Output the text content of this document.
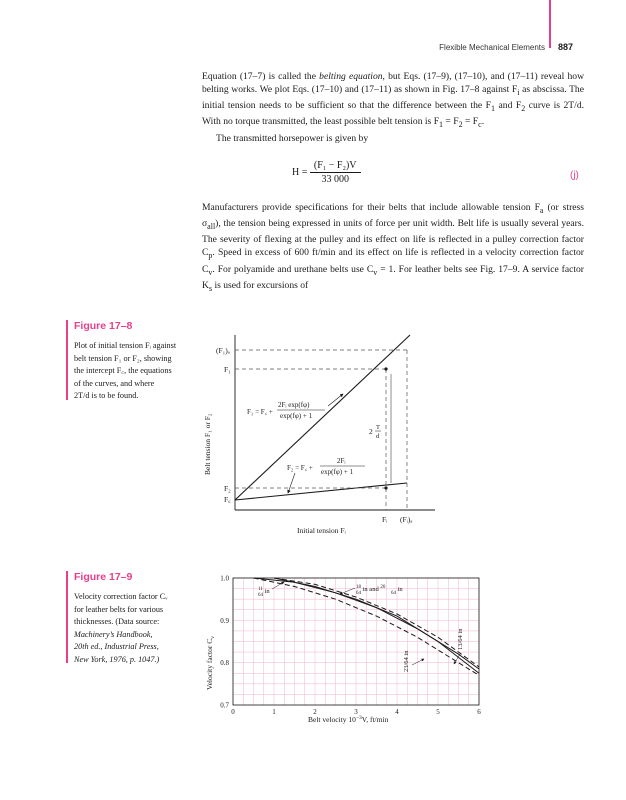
Flexible Mechanical Elements 887

Equation (17–7) is called the belting equation, but Eqs. (17–9), (17–10), and (17–11) reveal how belting works. We plot Eqs. (17–10) and (17–11) as shown in Fig. 17–8 against $F_i$ as abscissa. The initial tension needs to be sufficient so that the difference between the $F_1$ and $F_2$ curve is 2T/d. With no torque transmitted, the least possible belt tension is $F_1 = F_2 = F_c$.

The transmitted horsepower is given by

$H = \frac{\text{(F₁ − F₂)V}}{33 000}$	(j)

Manufacturers provide specifications for their belts that include allowable tension $F_a$ (or stress $\sigma_{all}$), the tension being expressed in units of force per unit width. Belt life is usually several years. The severity of flexing at the pulley and its effect on life is reflected in a pulley correction factor $C_p$. Speed in excess of 600 ft/min and its effect on life is reflected in a velocity correction factor $C_v$. For polyamide and urethane belts use $C_v = 1$. For leather belts see Fig. 17–9. A service factor $K_s$ is used for excursions of

Figure 17–8

Plot of initial tension Fᵢ against

belt tension F₁ or F₂, showing

the intercept F꜀, the equations

of the curves, and where

2T/d is to be found.

(F₁)ₐ
F₁
F₂
F꜀
Fᵢ (Fᵢ)ₐ
Initial tension Fᵢ
Belt tension F₁ or F₂
F₁ = F꜀ +
2Fᵢ exp(fφ)
exp(fφ) + 1
F₂ = F꜀ +
2Fᵢ
exp(fφ) + 1
2 T
d
Figure 17–9

Velocity correction factor Cᵥ

for leather belts for various

thicknesses. (Data source:

Machinery’s Handbook,

20th ed., Industrial Press,

New York, 1976, p. 1047.)

0	1	2	3	4	5	6
0.7
0.8
0.9
1.0
Belt velocity $10^{-3}V$, ft/min
Velocity factor $C_v$
11 64 in
18 64 in and $^{20}$64 in
13/64 in
23/64 in
